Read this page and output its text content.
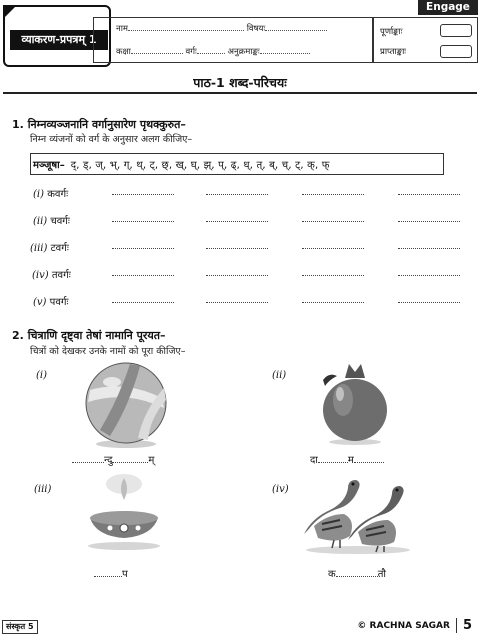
व्याकरण-प्रपत्रम् 1
नाम	विषयः
कक्षा	वर्गः	अनुक्रमाङ्कः
पूर्णाङ्काः
प्राप्ताङ्काः
Engage
पाठ-1 शब्द-परिचयः
1. निम्नव्यञ्जनानि वर्गानुसारेण पृथक्कुरुत–
निम्न व्यंजनों को वर्ग के अनुसार अलग कीजिए–
मञ्जूषा– द्, ड्, ज्, भ्, ग्, थ्, ट्, छ्, ख्, घ्, झ्, प्, ढ्, ध्, त्, ब्, च्, ट्, क्, फ्
(i) कवर्गः
(ii) चवर्गः
(iii) टवर्गः
(iv) तवर्गः
(v) पवर्गः
2. चित्राणि दृष्ट्वा तेषां नामानि पूरयत–
चित्रों को देखकर उनके नामों को पूरा कीजिए–
(i)
न्दु	म्
(ii)
दा	म
(iii)
प
(iv)
क	तौ
संस्कृत 5	© RACHNA SAGAR	5
